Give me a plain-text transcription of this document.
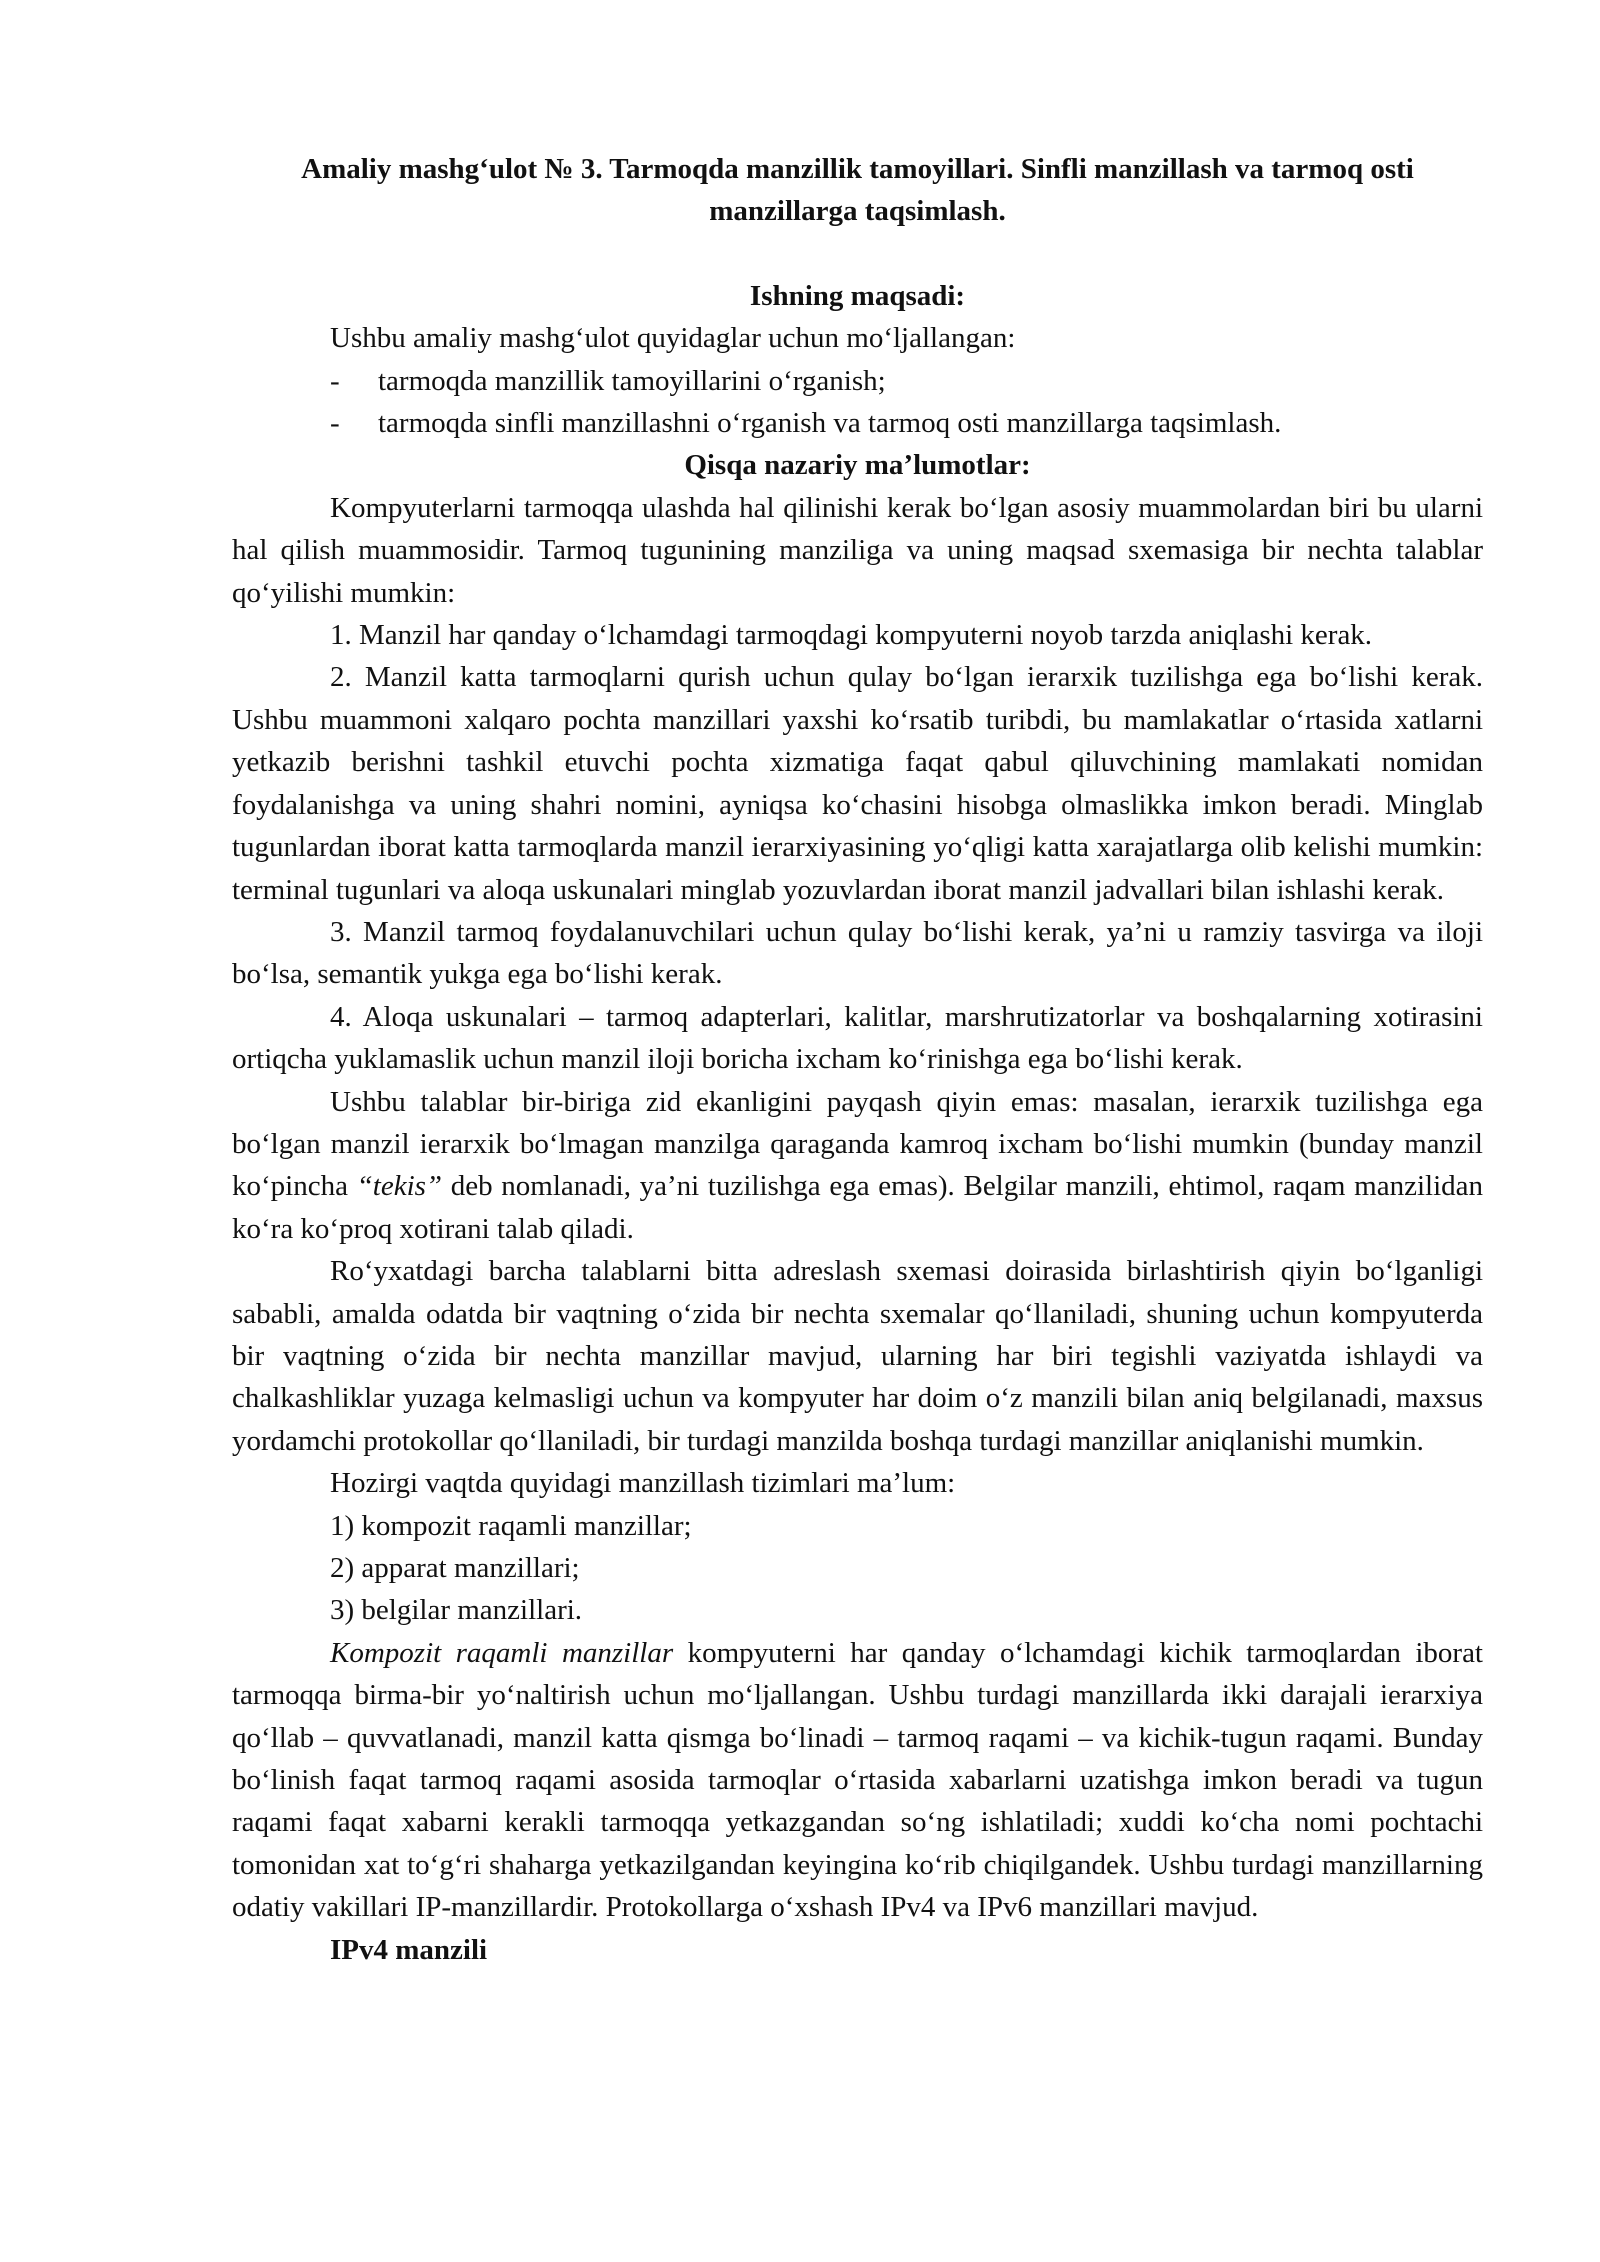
Amaliy mashg‘ulot № 3. Tarmoqda manzillik tamoyillari. Sinfli manzillash va tarmoq osti manzillarga taqsimlash.

Ishning maqsadi:

Ushbu amaliy mashg‘ulot quyidaglar uchun mo‘ljallangan:

- tarmoqda manzillik tamoyillarini o‘rganish;

- tarmoqda sinfli manzillashni o‘rganish va tarmoq osti manzillarga taqsimlash.

Qisqa nazariy ma’lumotlar:

Kompyuterlarni tarmoqqa ulashda hal qilinishi kerak bo‘lgan asosiy muammolardan biri bu ularni hal qilish muammosidir. Tarmoq tugunining manziliga va uning maqsad sxemasiga bir nechta talablar qo‘yilishi mumkin:

1. Manzil har qanday o‘lchamdagi tarmoqdagi kompyuterni noyob tarzda aniqlashi kerak.

2. Manzil katta tarmoqlarni qurish uchun qulay bo‘lgan ierarxik tuzilishga ega bo‘lishi kerak. Ushbu muammoni xalqaro pochta manzillari yaxshi ko‘rsatib turibdi, bu mamlakatlar o‘rtasida xatlarni yetkazib berishni tashkil etuvchi pochta xizmatiga faqat qabul qiluvchining mamlakati nomidan foydalanishga va uning shahri nomini, ayniqsa ko‘chasini hisobga olmaslikka imkon beradi. Minglab tugunlardan iborat katta tarmoqlarda manzil ierarxiyasining yo‘qligi katta xarajatlarga olib kelishi mumkin: terminal tugunlari va aloqa uskunalari minglab yozuvlardan iborat manzil jadvallari bilan ishlashi kerak.

3. Manzil tarmoq foydalanuvchilari uchun qulay bo‘lishi kerak, ya’ni u ramziy tasvirga va iloji bo‘lsa, semantik yukga ega bo‘lishi kerak.

4. Aloqa uskunalari – tarmoq adapterlari, kalitlar, marshrutizatorlar va boshqalarning xotirasini ortiqcha yuklamaslik uchun manzil iloji boricha ixcham ko‘rinishga ega bo‘lishi kerak.

Ushbu talablar bir-biriga zid ekanligini payqash qiyin emas: masalan, ierarxik tuzilishga ega bo‘lgan manzil ierarxik bo‘lmagan manzilga qaraganda kamroq ixcham bo‘lishi mumkin (bunday manzil ko‘pincha “tekis” deb nomlanadi, ya’ni tuzilishga ega emas). Belgilar manzili, ehtimol, raqam manzilidan ko‘ra ko‘proq xotirani talab qiladi.

Ro‘yxatdagi barcha talablarni bitta adreslash sxemasi doirasida birlashtirish qiyin bo‘lganligi sababli, amalda odatda bir vaqtning o‘zida bir nechta sxemalar qo‘llaniladi, shuning uchun kompyuterda bir vaqtning o‘zida bir nechta manzillar mavjud, ularning har biri tegishli vaziyatda ishlaydi va chalkashliklar yuzaga kelmasligi uchun va kompyuter har doim o‘z manzili bilan aniq belgilanadi, maxsus yordamchi protokollar qo‘llaniladi, bir turdagi manzilda boshqa turdagi manzillar aniqlanishi mumkin.

Hozirgi vaqtda quyidagi manzillash tizimlari ma’lum:

1) kompozit raqamli manzillar;

2) apparat manzillari;

3) belgilar manzillari.

Kompozit raqamli manzillar kompyuterni har qanday o‘lchamdagi kichik tarmoqlardan iborat tarmoqqa birma-bir yo‘naltirish uchun mo‘ljallangan. Ushbu turdagi manzillarda ikki darajali ierarxiya qo‘llab – quvvatlanadi, manzil katta qismga bo‘linadi – tarmoq raqami – va kichik-tugun raqami. Bunday bo‘linish faqat tarmoq raqami asosida tarmoqlar o‘rtasida xabarlarni uzatishga imkon beradi va tugun raqami faqat xabarni kerakli tarmoqqa yetkazgandan so‘ng ishlatiladi; xuddi ko‘cha nomi pochtachi tomonidan xat to‘g‘ri shaharga yetkazilgandan keyingina ko‘rib chiqilgandek. Ushbu turdagi manzillarning odatiy vakillari IP-manzillardir. Protokollarga o‘xshash IPv4 va IPv6 manzillari mavjud.

IPv4 manzili
